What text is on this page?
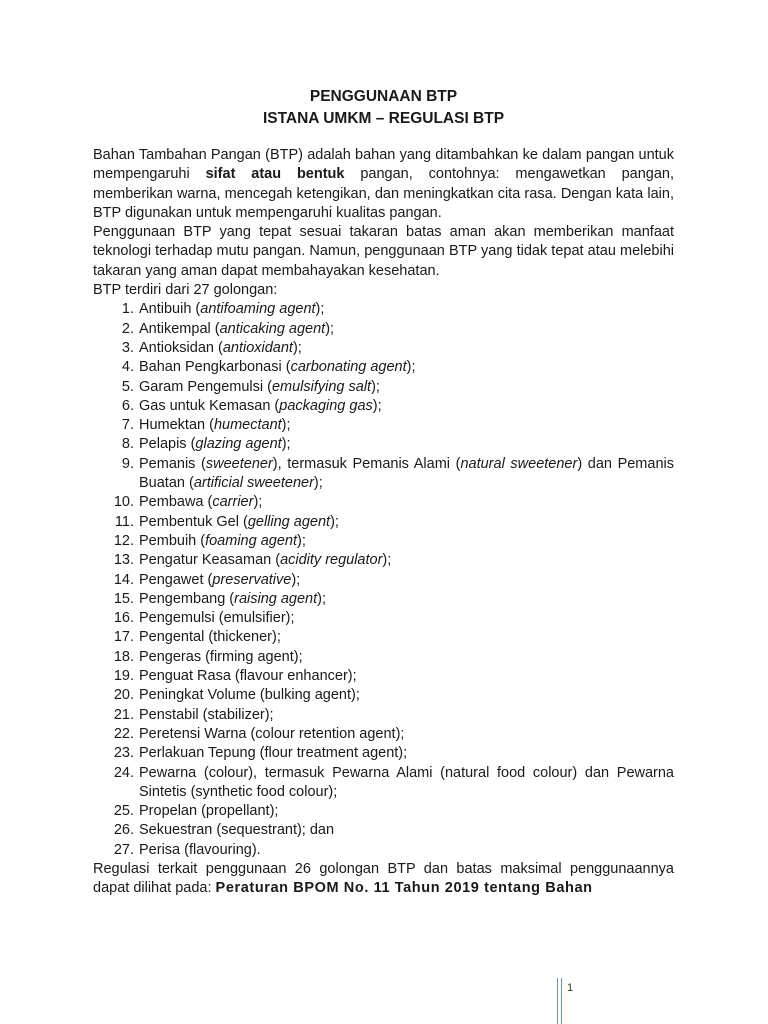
PENGGUNAAN BTP

ISTANA UMKM – REGULASI BTP

Bahan Tambahan Pangan (BTP) adalah bahan yang ditambahkan ke dalam pangan untuk mempengaruhi sifat atau bentuk pangan, contohnya: mengawetkan pangan, memberikan warna, mencegah ketengikan, dan meningkatkan cita rasa. Dengan kata lain, BTP digunakan untuk mempengaruhi kualitas pangan.

Penggunaan BTP yang tepat sesuai takaran batas aman akan memberikan manfaat teknologi terhadap mutu pangan. Namun, penggunaan BTP yang tidak tepat atau melebihi takaran yang aman dapat membahayakan kesehatan.

BTP terdiri dari 27 golongan:

1. Antibuih (antifoaming agent);
2. Antikempal (anticaking agent);
3. Antioksidan (antioxidant);
4. Bahan Pengkarbonasi (carbonating agent);
5. Garam Pengemulsi (emulsifying salt);
6. Gas untuk Kemasan (packaging gas);
7. Humektan (humectant);
8. Pelapis (glazing agent);
9. Pemanis (sweetener), termasuk Pemanis Alami (natural sweetener) dan Pemanis Buatan (artificial sweetener);
10. Pembawa (carrier);
11. Pembentuk Gel (gelling agent);
12. Pembuih (foaming agent);
13. Pengatur Keasaman (acidity regulator);
14. Pengawet (preservative);
15. Pengembang (raising agent);
16. Pengemulsi (emulsifier);
17. Pengental (thickener);
18. Pengeras (firming agent);
19. Penguat Rasa (flavour enhancer);
20. Peningkat Volume (bulking agent);
21. Penstabil (stabilizer);
22. Peretensi Warna (colour retention agent);
23. Perlakuan Tepung (flour treatment agent);
24. Pewarna (colour), termasuk Pewarna Alami (natural food colour) dan Pewarna Sintetis (synthetic food colour);
25. Propelan (propellant);
26. Sekuestran (sequestrant); dan
27. Perisa (flavouring).

Regulasi terkait penggunaan 26 golongan BTP dan batas maksimal penggunaannya dapat dilihat pada: Peraturan BPOM No. 11 Tahun 2019 tentang Bahan

1
